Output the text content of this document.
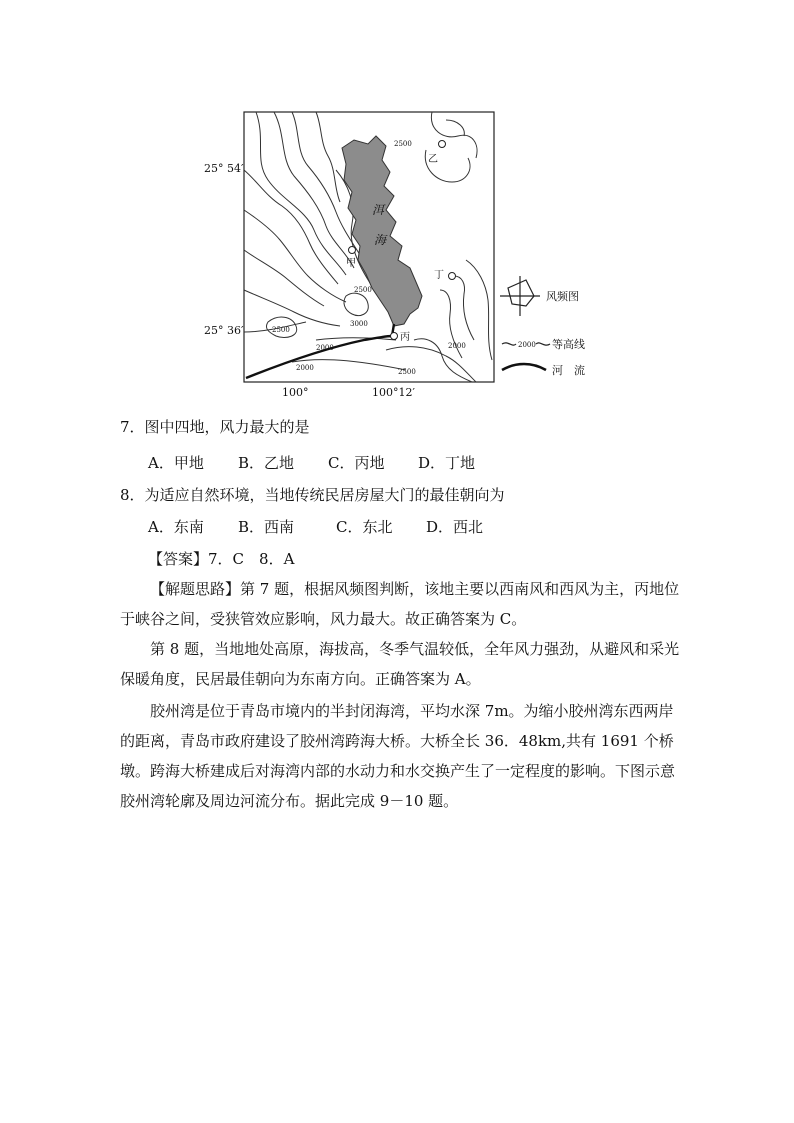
洱
海
甲
乙
丙
丁
2500
2500
2500
3000
2000
2000
2500
2000
25° 54′
25° 36′
100°	100°12′
风频图
2000 等高线
河　流
7．图中四地，风力最大的是
A．甲地 B．乙地 C．丙地 D．丁地
8．为适应自然环境，当地传统民居房屋大门的最佳朝向为
A．东南 B．西南	C．东北 D．西北
【答案】7．C　8．A
【解题思路】第 7 题，根据风频图判断，该地主要以西南风和西风为主，丙地位于峡谷之间，受狭管效应影响，风力最大。故正确答案为 C。
第 8 题，当地地处高原，海拔高，冬季气温较低，全年风力强劲，从避风和采光保暖角度，民居最佳朝向为东南方向。正确答案为 A。
胶州湾是位于青岛市境内的半封闭海湾，平均水深 7m。为缩小胶州湾东西两岸的距离，青岛市政府建设了胶州湾跨海大桥。大桥全长 36．48km,共有 1691 个桥墩。跨海大桥建成后对海湾内部的水动力和水交换产生了一定程度的影响。下图示意胶州湾轮廓及周边河流分布。据此完成 9－10 题。
